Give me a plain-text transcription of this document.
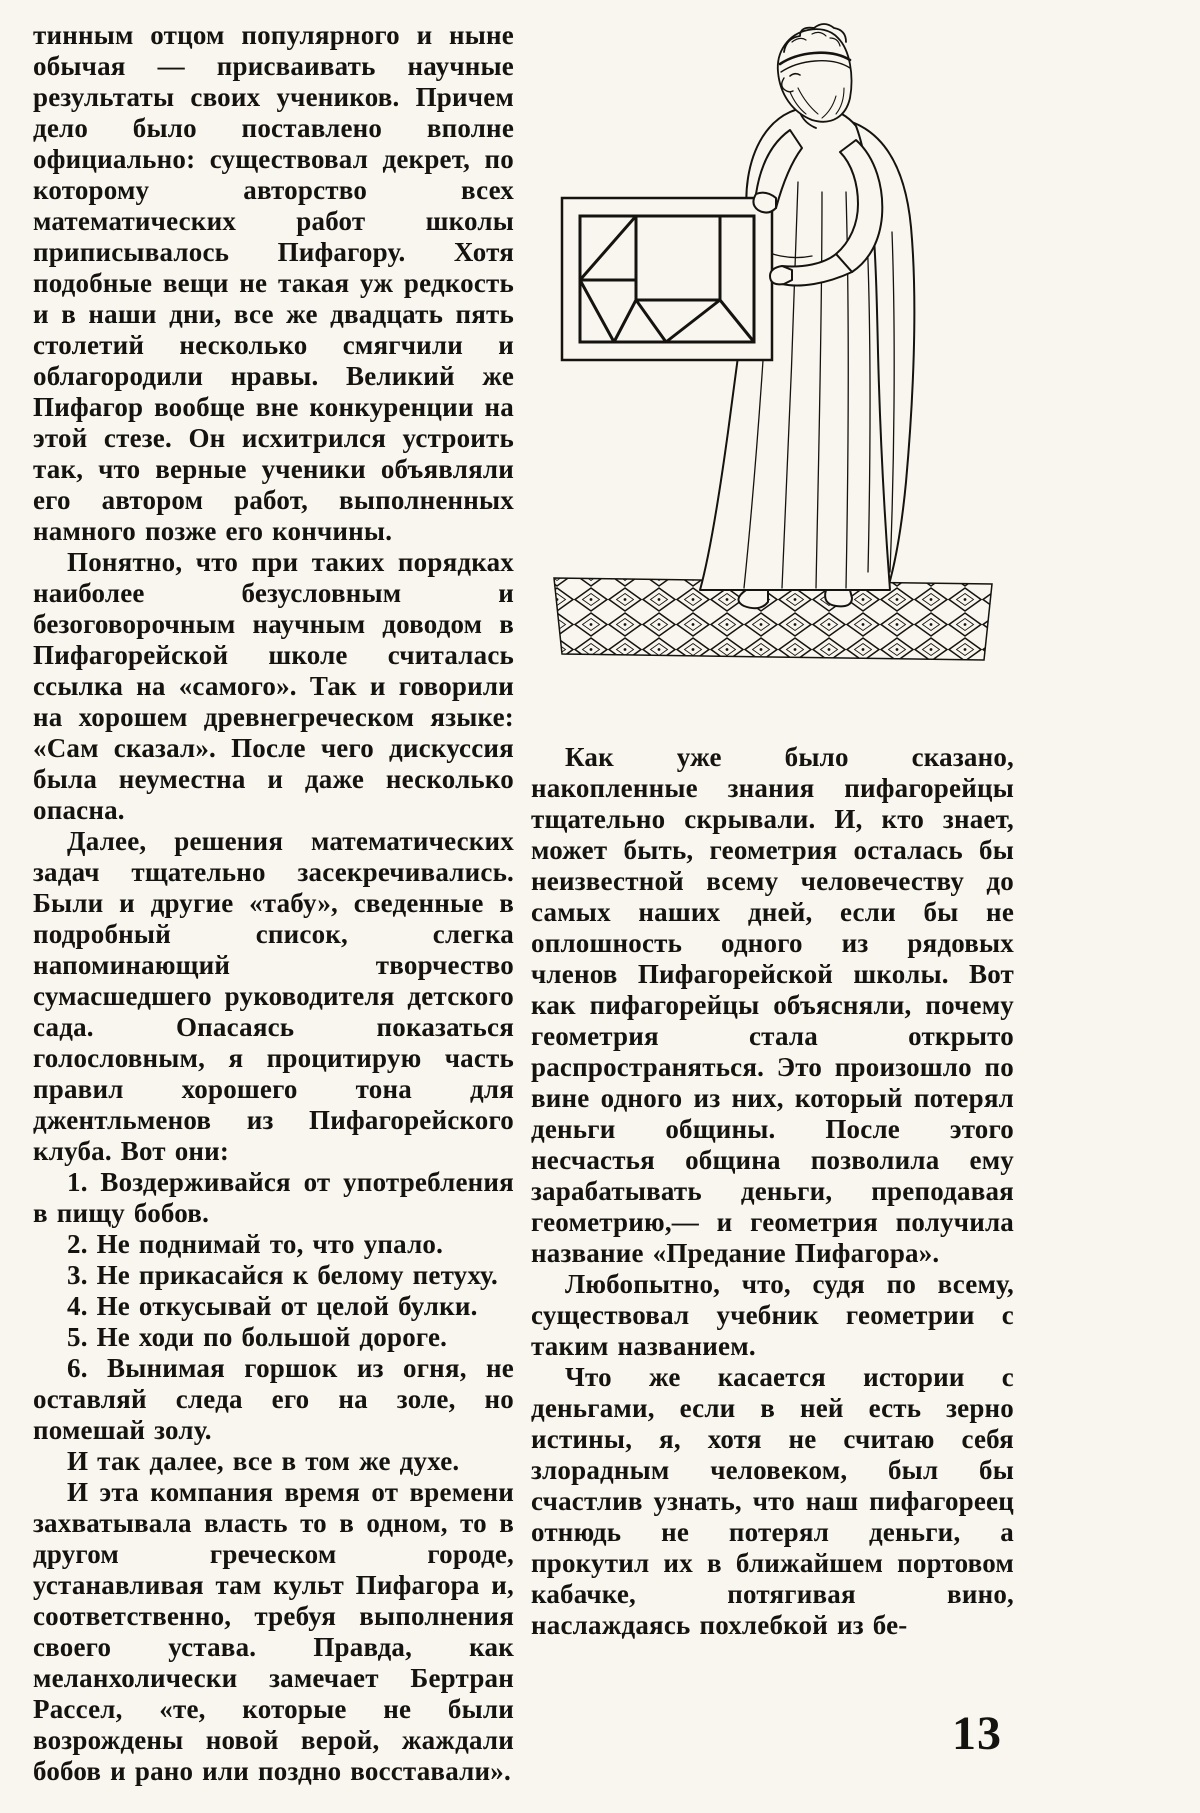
тинным отцом популярного и ныне обычая — присваивать научные результаты своих учеников. Причем дело было поставлено вполне официально: существовал декрет, по которому авторство всех математических работ школы приписывалось Пифагору. Хотя подобные вещи не такая уж редкость и в наши дни, все же двадцать пять столетий несколько смягчили и облагородили нравы. Великий же Пифагор вообще вне конкуренции на этой стезе. Он исхитрился устроить так, что верные ученики объявляли его автором работ, выполненных намного позже его кончины.

Понятно, что при таких порядках наиболее безусловным и безоговорочным научным доводом в Пифагорейской школе считалась ссылка на «самого». Так и говорили на хорошем древнегреческом языке: «Сам сказал». После чего дискуссия была неуместна и даже несколько опасна.

Далее, решения математических задач тщательно засекречивались. Были и другие «табу», сведенные в подробный список, слегка напоминающий творчество сумасшедшего руководителя детского сада. Опасаясь показаться голословным, я процитирую часть правил хорошего тона для джентльменов из Пифагорейского клуба. Вот они:

1. Воздерживайся от употребления в пищу бобов.

2. Не поднимай то, что упало.

3. Не прикасайся к белому петуху.

4. Не откусывай от целой булки.

5. Не ходи по большой дороге.

6. Вынимая горшок из огня, не оставляй следа его на золе, но помешай золу.

И так далее, все в том же духе.

И эта компания время от времени захватывала власть то в одном, то в другом греческом городе, устанавливая там культ Пифагора и, соответственно, требуя выполнения своего устава. Правда, как меланхолически замечает Бертран Рассел, «те, которые не были возрождены новой верой, жаждали бобов и рано или поздно восставали».

Как уже было сказано, накопленные знания пифагорейцы тщательно скрывали. И, кто знает, может быть, геометрия осталась бы неизвестной всему человечеству до самых наших дней, если бы не оплошность одного из рядовых членов Пифагорейской школы. Вот как пифагорейцы объясняли, почему геометрия стала открыто распространяться. Это произошло по вине одного из них, который потерял деньги общины. После этого несчастья община позволила ему зарабатывать деньги, преподавая геометрию,— и геометрия получила название «Предание Пифагора».

Любопытно, что, судя по всему, существовал учебник геометрии с таким названием.

Что же касается истории с деньгами, если в ней есть зерно истины, я, хотя не считаю себя злорадным человеком, был бы счастлив узнать, что наш пифагореец отнюдь не потерял деньги, а прокутил их в ближайшем портовом кабачке, потягивая вино, наслаждаясь похлебкой из бе-

13
